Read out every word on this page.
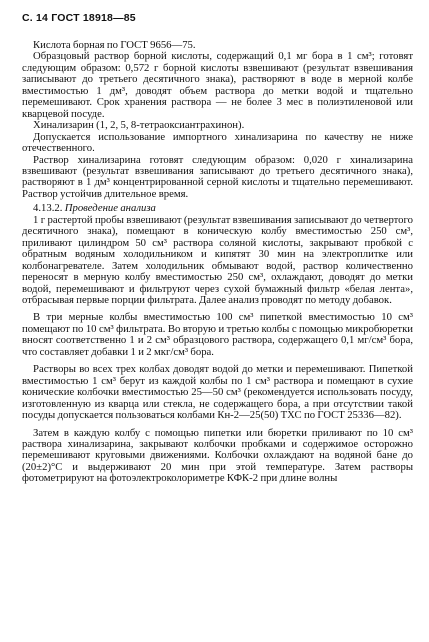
С. 14 ГОСТ 18918—85

Кислота борная по ГОСТ 9656—75.

Образцовый раствор борной кислоты, содержащий 0,1 мг бора в 1 см³; готовят следующим образом: 0,572 г борной кислоты взвешивают (результат взвешивания записывают до третьего десятичного знака), растворяют в воде в мерной колбе вместимостью 1 дм³, доводят объем раствора до метки водой и тщательно перемешивают. Срок хранения раствора — не более 3 мес в полиэтиленовой или кварцевой посуде.

Хинализарин (1, 2, 5, 8-тетраоксиантрахинон).

Допускается использование импортного хинализарина по качеству не ниже отечественного.

Раствор хинализарина готовят следующим образом: 0,020 г хинализарина взвешивают (результат взвешивания записывают до третьего десятичного знака), растворяют в 1 дм³ концентрированной серной кислоты и тщательно перемешивают. Раствор устойчив длительное время.

4.13.2. Проведение анализа

1 г растертой пробы взвешивают (результат взвешивания записывают до четвертого десятичного знака), помещают в коническую колбу вместимостью 250 см³, приливают цилиндром 50 см³ раствора соляной кислоты, закрывают пробкой с обратным водяным холодильником и кипятят 30 мин на электроплитке или колбонагревателе. Затем холодильник обмывают водой, раствор количественно переносят в мерную колбу вместимостью 250 см³, охлаждают, доводят до метки водой, перемешивают и фильтруют через сухой бумажный фильтр «белая лента», отбрасывая первые порции фильтрата. Далее анализ проводят по методу добавок.

В три мерные колбы вместимостью 100 см³ пипеткой вместимостью 10 см³ помещают по 10 см³ фильтрата. Во вторую и третью колбы с помощью микробюретки вносят соответственно 1 и 2 см³ образцового раствора, содержащего 0,1 мг/см³ бора, что составляет добавки 1 и 2 мкг/см³ бора.

Растворы во всех трех колбах доводят водой до метки и перемешивают. Пипеткой вместимостью 1 см³ берут из каждой колбы по 1 см³ раствора и помещают в сухие конические колбочки вместимостью 25—50 см³ (рекомендуется использовать посуду, изготовленную из кварца или стекла, не содержащего бора, а при отсутствии такой посуды допускается пользоваться колбами Кн-2—25(50) ТХС по ГОСТ 25336—82).

Затем в каждую колбу с помощью пипетки или бюретки приливают по 10 см³ раствора хинализарина, закрывают колбочки пробками и содержимое осторожно перемешивают круговыми движениями. Колбочки охлаждают на водяной бане до (20±2)°С и выдерживают 20 мин при этой температуре. Затем растворы фотометрируют на фотоэлектроколориметре КФК-2 при длине волны
